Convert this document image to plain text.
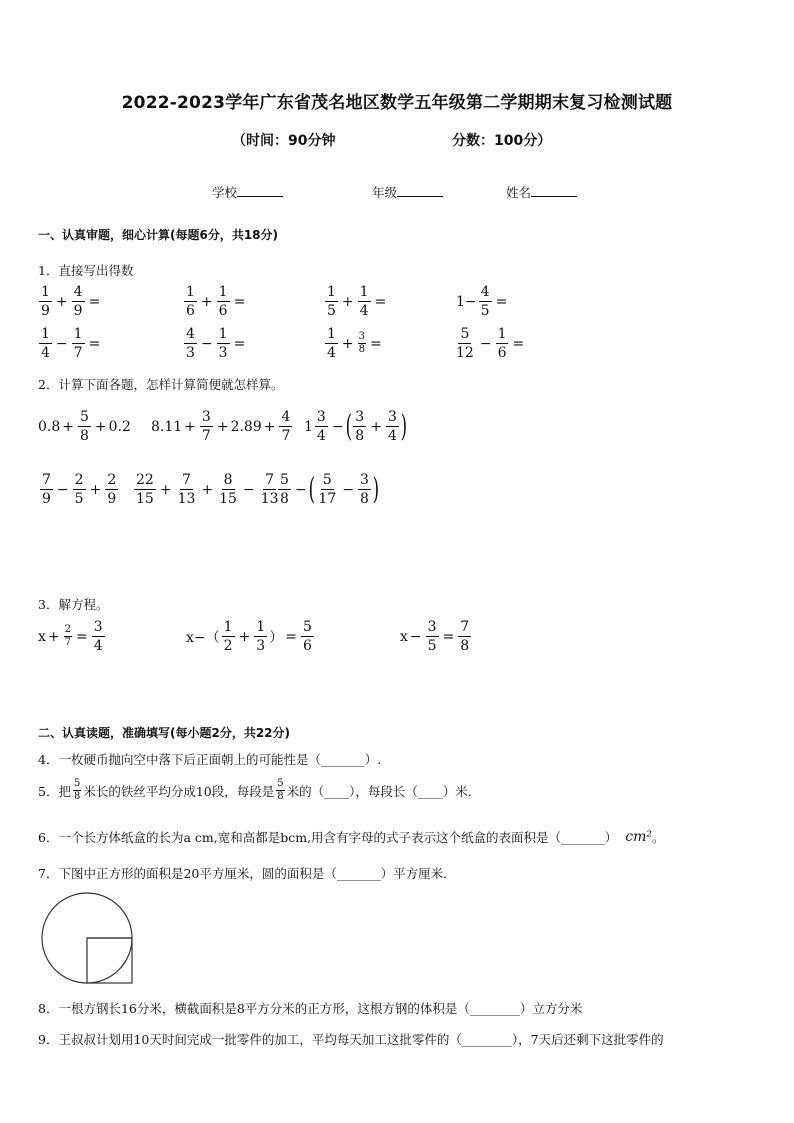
2022-2023学年广东省茂名地区数学五年级第二学期期末复习检测试题
（时间：90分钟	分数：100分）
学校	年级	姓名
一、认真审题，细心计算(每题6分，共18分)
1．直接写出得数
$\frac{1}{9} + \frac{4}{9}$ =	$\frac{1}{6} + \frac{1}{6}$ =	$\frac{1}{5} + \frac{1}{4}$ =	$1- \frac{4}{5}$ =
$\frac{1}{4} - \frac{1}{7}$ =	$\frac{4}{3} - \frac{1}{3}$ =	$\frac{1}{4} + \frac{3}{8}$ =	$\frac{5}{12} - \frac{1}{6}$ =
2．计算下面各题，怎样计算简便就怎样算。
$0.8 + \frac{5}{8} + 0.2$ $8.11 + \frac{3}{7} + 2.89 + \frac{4}{7} 1 \frac{3}{4}$ − ( $\frac{3}{8} + \frac{3}{4}$ )
$\frac{7}{9} - \frac{2}{5} + \frac{2}{9} \frac{22}{15} + \frac{7}{13} + \frac{8}{15} - \frac{7}{13}$
$\frac{5}{8}$ − ( $\frac{5}{17} - \frac{3}{8}$ )
3．解方程。
$x + \frac{2}{7} = \frac{3}{4}$	$x-( \frac{1}{2} + \frac{1}{3}$ ） = $\frac{5}{6}$	$x - \frac{3}{5} = \frac{7}{8}$
二、认真读题，准确填写(每小题2分，共22分)
4．一枚硬币抛向空中落下后正面朝上的可能性是（_______）.
5．把 $\frac{5}{8}$ 米长的铁丝平均分成10段，每段是 $\frac{5}{8}$ 米的（____），每段长（____）米．
6．一个长方体纸盒的长为a cm,宽和高都是bcm,用含有字母的式子表示这个纸盒的表面积是（_______） cm² 。
7．下图中正方形的面积是20平方厘米，圆的面积是（_______）平方厘米．
8．一根方钢长16分米，横截面积是8平方分米的正方形，这根方钢的体积是（________）立方分米
9．王叔叔计划用10天时间完成一批零件的加工，平均每天加工这批零件的（________），7天后还剩下这批零件的
